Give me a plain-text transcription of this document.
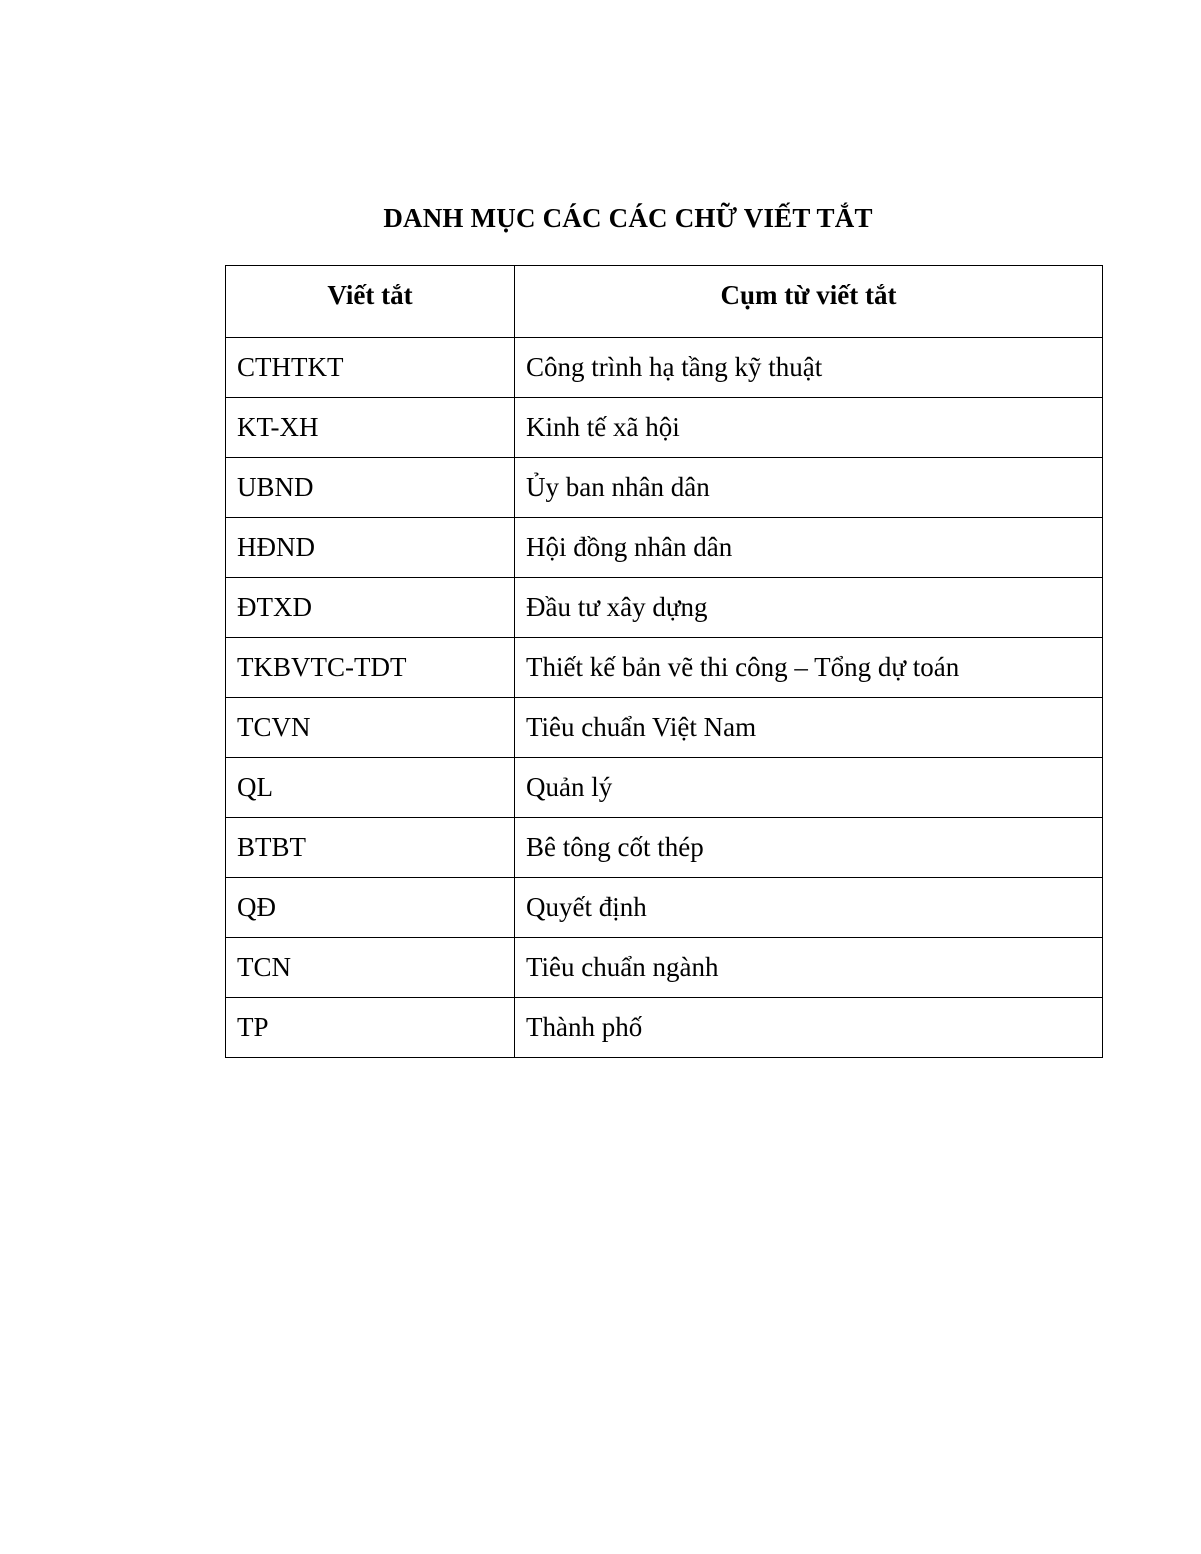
DANH MỤC CÁC CÁC CHỮ VIẾT TẮT
Viết tắt	Cụm từ viết tắt
CTHTKT	Công trình hạ tầng kỹ thuật
KT-XH	Kinh tế xã hội
UBND	Ủy ban nhân dân
HĐND	Hội đồng nhân dân
ĐTXD	Đầu tư xây dựng
TKBVTC-TDT	Thiết kế bản vẽ thi công – Tổng dự toán
TCVN	Tiêu chuẩn Việt Nam
QL	Quản lý
BTBT	Bê tông cốt thép
QĐ	Quyết định
TCN	Tiêu chuẩn ngành
TP	Thành phố
